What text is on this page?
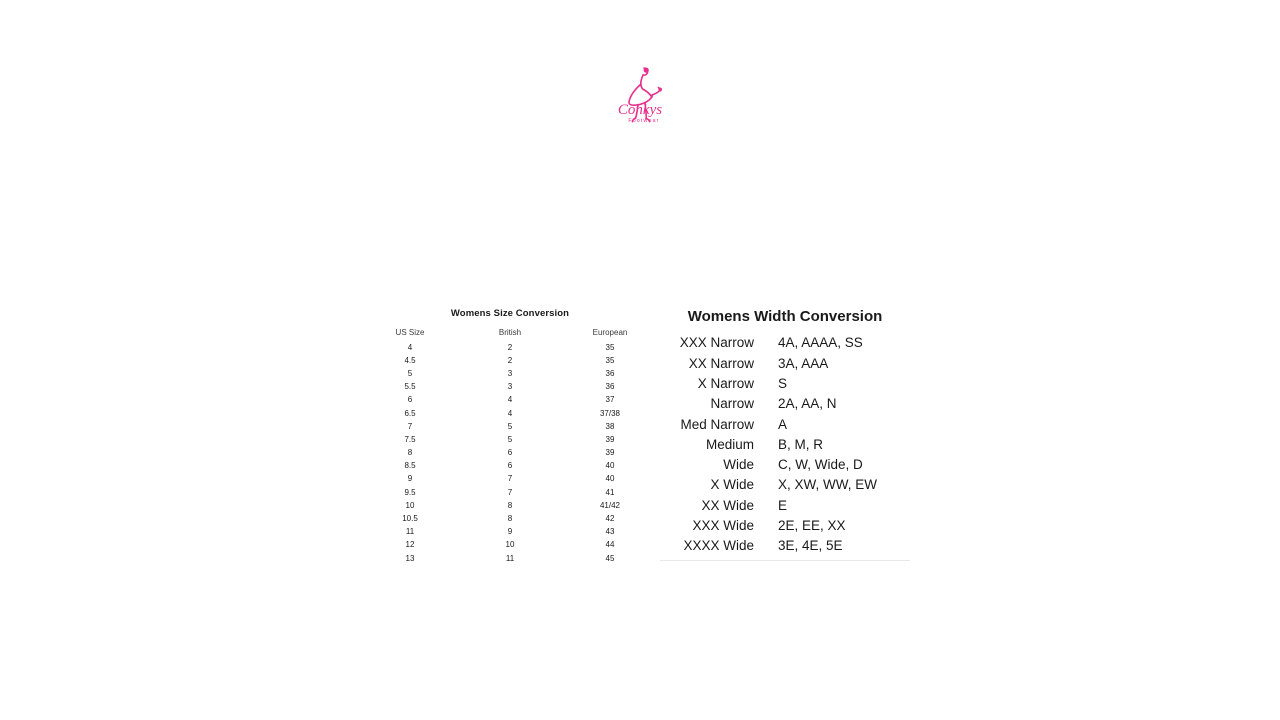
Conkys
Footwear
Womens Size Conversion
US Size	British	European
4	2	35
4.5	2	35
5	3	36
5.5	3	36
6	4	37
6.5	4	37/38
7	5	38
7.5	5	39
8	6	39
8.5	6	40
9	7	40
9.5	7	41
10	8	41/42
10.5	8	42
11	9	43
12	10	44
13	11	45
Womens Width Conversion
XXX Narrow	4A, AAAA, SS
XX Narrow	3A, AAA
X Narrow	S
Narrow	2A, AA, N
Med Narrow	A
Medium	B, M, R
Wide	C, W, Wide, D
X Wide	X, XW, WW, EW
XX Wide	E
XXX Wide	2E, EE, XX
XXXX Wide	3E, 4E, 5E
